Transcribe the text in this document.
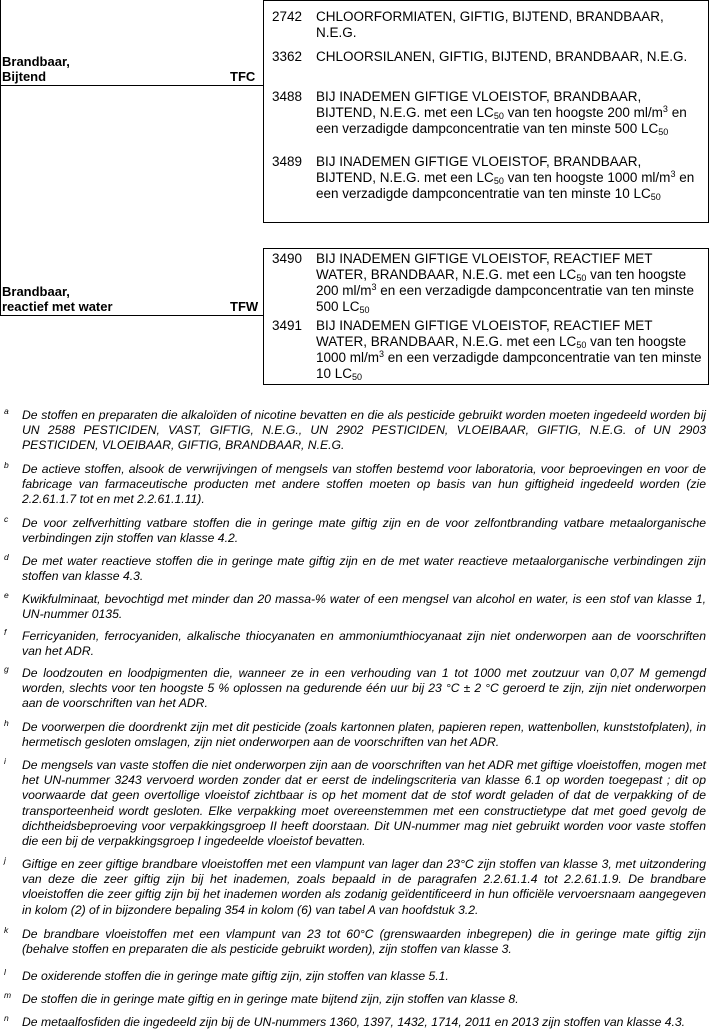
Brandbaar,
Bijtend	TFC
2742 CHLOORFORMIATEN, GIFTIG, BIJTEND, BRANDBAAR, N.E.G.
3362 CHLOORSILANEN, GIFTIG, BIJTEND, BRANDBAAR, N.E.G.
3488 BIJ INADEMEN GIFTIGE VLOEISTOF, BRANDBAAR, BIJTEND, N.E.G. met een $LC_{50}$ van ten hoogste 200 $ml/m^3$ en een verzadigde dampconcentratie van ten minste 500 $LC_{50}$
3489 BIJ INADEMEN GIFTIGE VLOEISTOF, BRANDBAAR, BIJTEND, N.E.G. met een $LC_{50}$ van ten hoogste 1000 $ml/m^3$ en een verzadigde dampconcentratie van ten minste 10 $LC_{50}$
Brandbaar,
reactief met water	TFW
3490 BIJ INADEMEN GIFTIGE VLOEISTOF, REACTIEF MET WATER, BRANDBAAR, N.E.G. met een $LC_{50}$ van ten hoogste 200 $ml/m^3$ en een verzadigde dampconcentratie van ten minste 500 $LC_{50}$
3491 BIJ INADEMEN GIFTIGE VLOEISTOF, REACTIEF MET WATER, BRANDBAAR, N.E.G. met een $LC_{50}$ van ten hoogste 1000 $ml/m^3$ en een verzadigde dampconcentratie van ten minste 10 $LC_{50}$
a De stoffen en preparaten die alkaloïden of nicotine bevatten en die als pesticide gebruikt worden moeten ingedeeld worden bij UN 2588 PESTICIDEN, VAST, GIFTIG, N.E.G., UN 2902 PESTICIDEN, VLOEIBAAR, GIFTIG, N.E.G. of UN 2903 PESTICIDEN, VLOEIBAAR, GIFTIG, BRANDBAAR, N.E.G.
b De actieve stoffen, alsook de verwrijvingen of mengsels van stoffen bestemd voor laboratoria, voor beproevingen en voor de fabricage van farmaceutische producten met andere stoffen moeten op basis van hun giftigheid ingedeeld worden (zie 2.2.61.1.7 tot en met 2.2.61.1.11).
c De voor zelfverhitting vatbare stoffen die in geringe mate giftig zijn en de voor zelfontbranding vatbare metaalorganische verbindingen zijn stoffen van klasse 4.2.
d De met water reactieve stoffen die in geringe mate giftig zijn en de met water reactieve metaalorganische verbindingen zijn stoffen van klasse 4.3.
e Kwikfulminaat, bevochtigd met minder dan 20 massa-% water of een mengsel van alcohol en water, is een stof van klasse 1, UN-nummer 0135.
f Ferricyaniden, ferrocyaniden, alkalische thiocyanaten en ammoniumthiocyanaat zijn niet onderworpen aan de voorschriften van het ADR.
g De loodzouten en loodpigmenten die, wanneer ze in een verhouding van 1 tot 1000 met zoutzuur van 0,07 M gemengd worden, slechts voor ten hoogste 5 % oplossen na gedurende één uur bij 23 °C ± 2 °C geroerd te zijn, zijn niet onderworpen aan de voorschriften van het ADR.
h De voorwerpen die doordrenkt zijn met dit pesticide (zoals kartonnen platen, papieren repen, wattenbollen, kunststofplaten), in hermetisch gesloten omslagen, zijn niet onderworpen aan de voorschriften van het ADR.
i De mengsels van vaste stoffen die niet onderworpen zijn aan de voorschriften van het ADR met giftige vloeistoffen, mogen met het UN-nummer 3243 vervoerd worden zonder dat er eerst de indelingscriteria van klasse 6.1 op worden toegepast ; dit op voorwaarde dat geen overtollige vloeistof zichtbaar is op het moment dat de stof wordt geladen of dat de verpakking of de transporteenheid wordt gesloten. Elke verpakking moet overeenstemmen met een constructietype dat met goed gevolg de dichtheidsbeproeving voor verpakkingsgroep II heeft doorstaan. Dit UN-nummer mag niet gebruikt worden voor vaste stoffen die een bij de verpakkingsgroep I ingedeelde vloeistof bevatten.
j Giftige en zeer giftige brandbare vloeistoffen met een vlampunt van lager dan 23°C zijn stoffen van klasse 3, met uitzondering van deze die zeer giftig zijn bij het inademen, zoals bepaald in de paragrafen 2.2.61.1.4 tot 2.2.61.1.9. De brandbare vloeistoffen die zeer giftig zijn bij het inademen worden als zodanig geïdentificeerd in hun officiële vervoersnaam aangegeven in kolom (2) of in bijzondere bepaling 354 in kolom (6) van tabel A van hoofdstuk 3.2.
k De brandbare vloeistoffen met een vlampunt van 23 tot 60°C (grenswaarden inbegrepen) die in geringe mate giftig zijn (behalve stoffen en preparaten die als pesticide gebruikt worden), zijn stoffen van klasse 3.
l De oxiderende stoffen die in geringe mate giftig zijn, zijn stoffen van klasse 5.1.
m De stoffen die in geringe mate giftig en in geringe mate bijtend zijn, zijn stoffen van klasse 8.
n De metaalfosfiden die ingedeeld zijn bij de UN-nummers 1360, 1397, 1432, 1714, 2011 en 2013 zijn stoffen van klasse 4.3.
